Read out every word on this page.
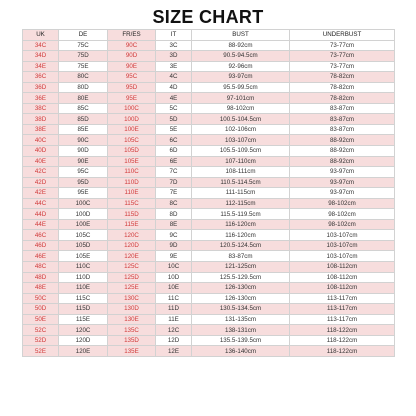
SIZE CHART
UK	DE	FR/ES	IT	BUST	UNDERBUST
34C	75C	90C	3C	88-92cm	73-77cm
34D	75D	90D	3D	90.5-94.5cm	73-77cm
34E	75E	90E	3E	92-96cm	73-77cm
36C	80C	95C	4C	93-97cm	78-82cm
36D	80D	95D	4D	95.5-99.5cm	78-82cm
36E	80E	95E	4E	97-101cm	78-82cm
38C	85C	100C	5C	98-102cm	83-87cm
38D	85D	100D	5D	100.5-104.5cm	83-87cm
38E	85E	100E	5E	102-106cm	83-87cm
40C	90C	105C	6C	103-107cm	88-92cm
40D	90D	105D	6D	105.5-109.5cm	88-92cm
40E	90E	105E	6E	107-110cm	88-92cm
42C	95C	110C	7C	108-111cm	93-97cm
42D	95D	110D	7D	110.5-114.5cm	93-97cm
42E	95E	110E	7E	111-115cm	93-97cm
44C	100C	115C	8C	112-115cm	98-102cm
44D	100D	115D	8D	115.5-119.5cm	98-102cm
44E	100E	115E	8E	116-120cm	98-102cm
46C	105C	120C	9C	116-120cm	103-107cm
46D	105D	120D	9D	120.5-124.5cm	103-107cm
46E	105E	120E	9E	83-87cm	103-107cm
48C	110C	125C	10C	121-125cm	108-112cm
48D	110D	125D	10D	125.5-129.5cm	108-112cm
48E	110E	125E	10E	126-130cm	108-112cm
50C	115C	130C	11C	126-130cm	113-117cm
50D	115D	130D	11D	130.5-134.5cm	113-117cm
50E	115E	130E	11E	131-135cm	113-117cm
52C	120C	135C	12C	138-131cm	118-122cm
52D	120D	135D	12D	135.5-139.5cm	118-122cm
52E	120E	135E	12E	136-140cm	118-122cm
